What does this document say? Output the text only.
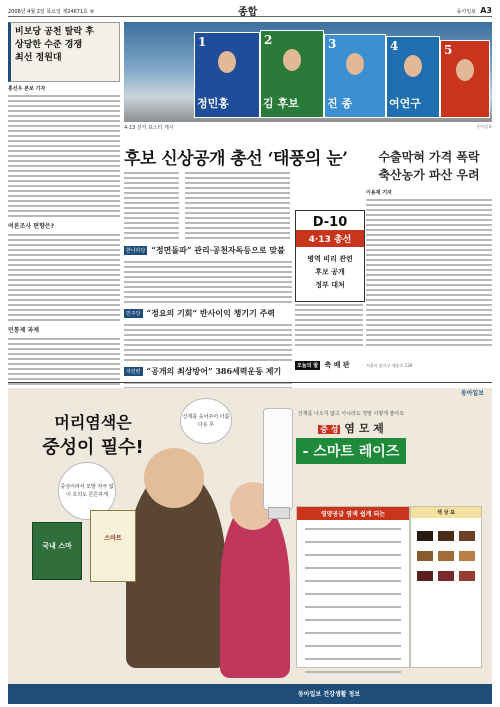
2008년 4월 2일 목요일 제24671호 ⑩	종합	동아일보 A3
비보당 공천 탈락 후
상당한 수준 경쟁
최선 정원대
홍선우 본보 기자
여론조사 편향은?
민통제 과제
1
정민홍
2
김 후보
3
진 종
4
여연구
5
4·13 선거 포스터 게시	동아일보
후보 신상공개 총선 ‘태풍의 눈’
한나라당 “정면돌파” 관리·공천자독등으로 맞불
민주당 “정요의 기회” 반사이익 챙기기 주력
자민련 “공개의 최상방어” 386세력운동 제기
D-10
4·13 총선
병역 비리 관련
후보 공개
정부 대처
오늘의 말 축 배 판
수출막혀 가격 폭락
축산농가 파산 우려
이용재 기자
서울시 종로구 세종로 139
동아일보
머리염색은
중성이 필수!
중성이라서 모발 자극 없이 흐리도 튼튼하게
산재를 웃어주어 아름다운 무
국내 스마
스마트
산재를 나오지 않고 아니라도 정말 이렇게 좋아요
중 성 염 모 제
- 스마트 레이즈
영양공급 염색 쉽게 되는	색 상 표
동아일보 건강생활 정보
